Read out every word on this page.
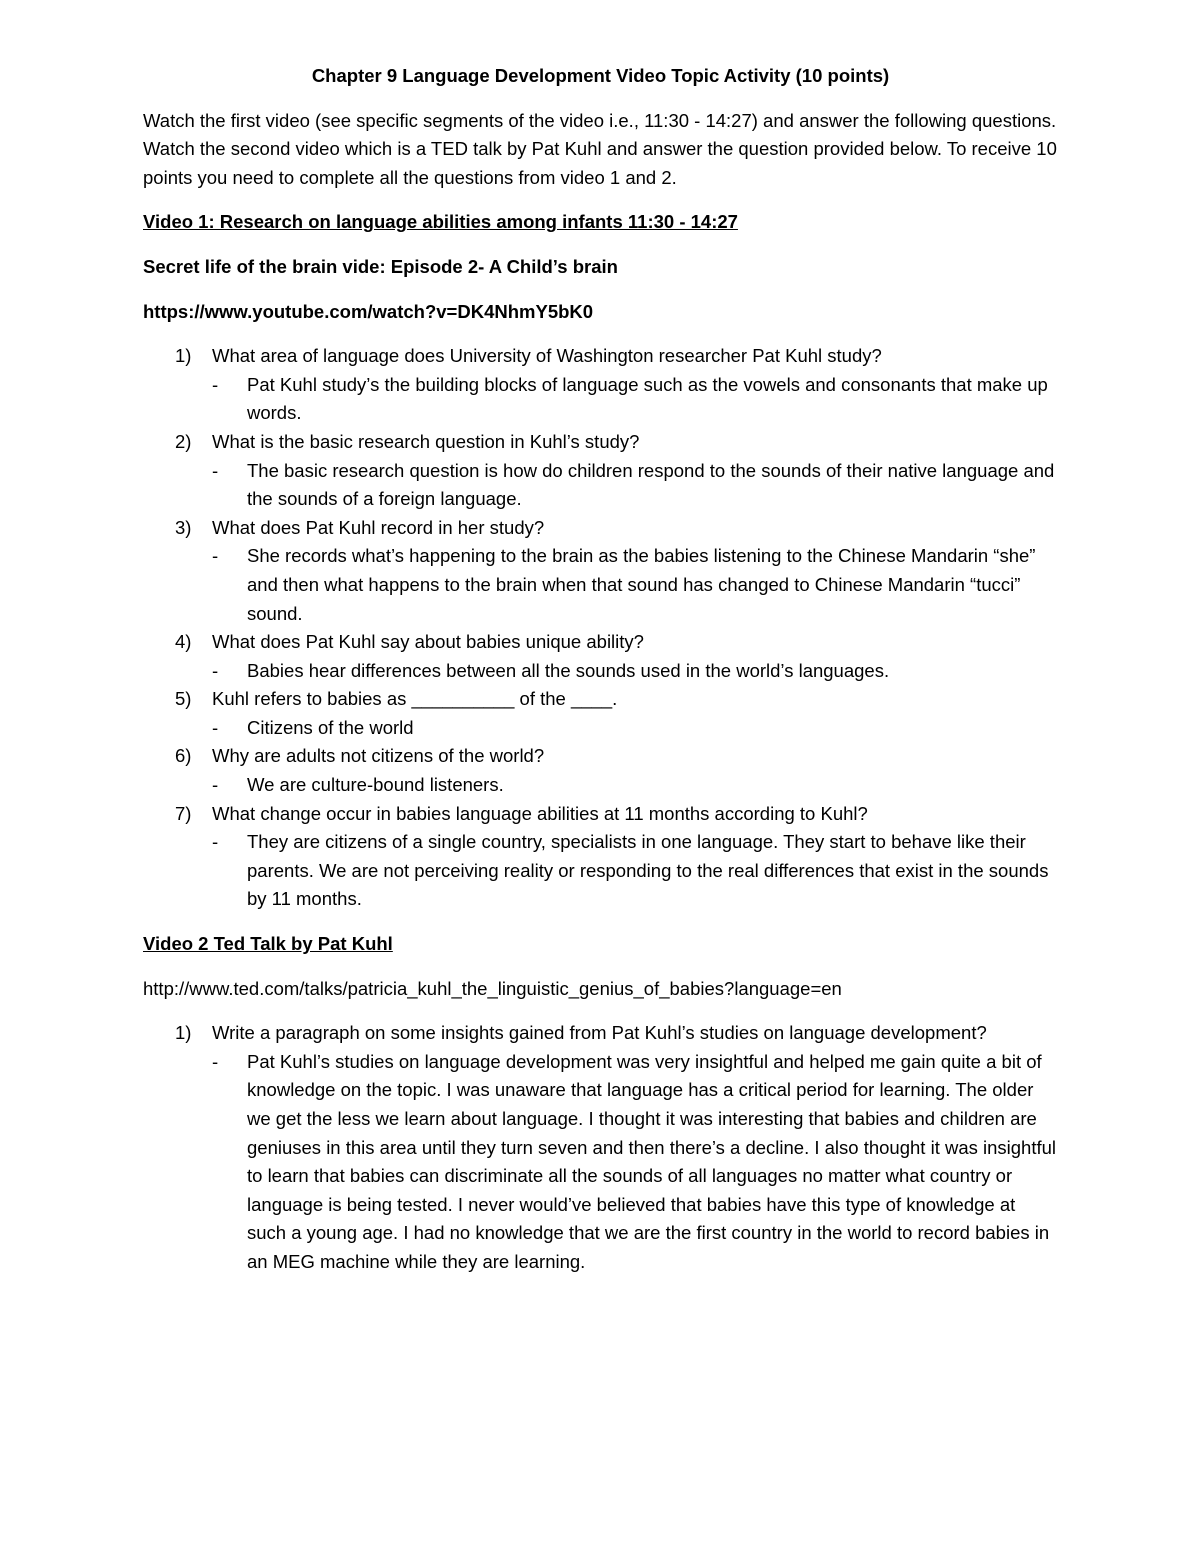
Chapter 9 Language Development Video Topic Activity (10 points)
Watch the first video (see specific segments of the video i.e., 11:30 - 14:27) and answer the following questions. Watch the second video which is a TED talk by Pat Kuhl and answer the question provided below. To receive 10 points you need to complete all the questions from video 1 and 2.
Video 1: Research on language abilities among infants 11:30 - 14:27
Secret life of the brain vide: Episode 2- A Child’s brain
https://www.youtube.com/watch?v=DK4NhmY5bK0
1) What area of language does University of Washington researcher Pat Kuhl study?
- Pat Kuhl study’s the building blocks of language such as the vowels and consonants that make up words.
2) What is the basic research question in Kuhl’s study?
- The basic research question is how do children respond to the sounds of their native language and the sounds of a foreign language.
3) What does Pat Kuhl record in her study?
- She records what’s happening to the brain as the babies listening to the Chinese Mandarin “she” and then what happens to the brain when that sound has changed to Chinese Mandarin “tucci” sound.
4) What does Pat Kuhl say about babies unique ability?
- Babies hear differences between all the sounds used in the world’s languages.
5) Kuhl refers to babies as __________ of the ____.
- Citizens of the world
6) Why are adults not citizens of the world?
- We are culture-bound listeners.
7) What change occur in babies language abilities at 11 months according to Kuhl?
- They are citizens of a single country, specialists in one language. They start to behave like their parents. We are not perceiving reality or responding to the real differences that exist in the sounds by 11 months.
Video 2 Ted Talk by Pat Kuhl
http://www.ted.com/talks/patricia_kuhl_the_linguistic_genius_of_babies?language=en
1) Write a paragraph on some insights gained from Pat Kuhl’s studies on language development?
- Pat Kuhl’s studies on language development was very insightful and helped me gain quite a bit of knowledge on the topic. I was unaware that language has a critical period for learning. The older we get the less we learn about language. I thought it was interesting that babies and children are geniuses in this area until they turn seven and then there’s a decline. I also thought it was insightful to learn that babies can discriminate all the sounds of all languages no matter what country or language is being tested. I never would’ve believed that babies have this type of knowledge at such a young age. I had no knowledge that we are the first country in the world to record babies in an MEG machine while they are learning.
